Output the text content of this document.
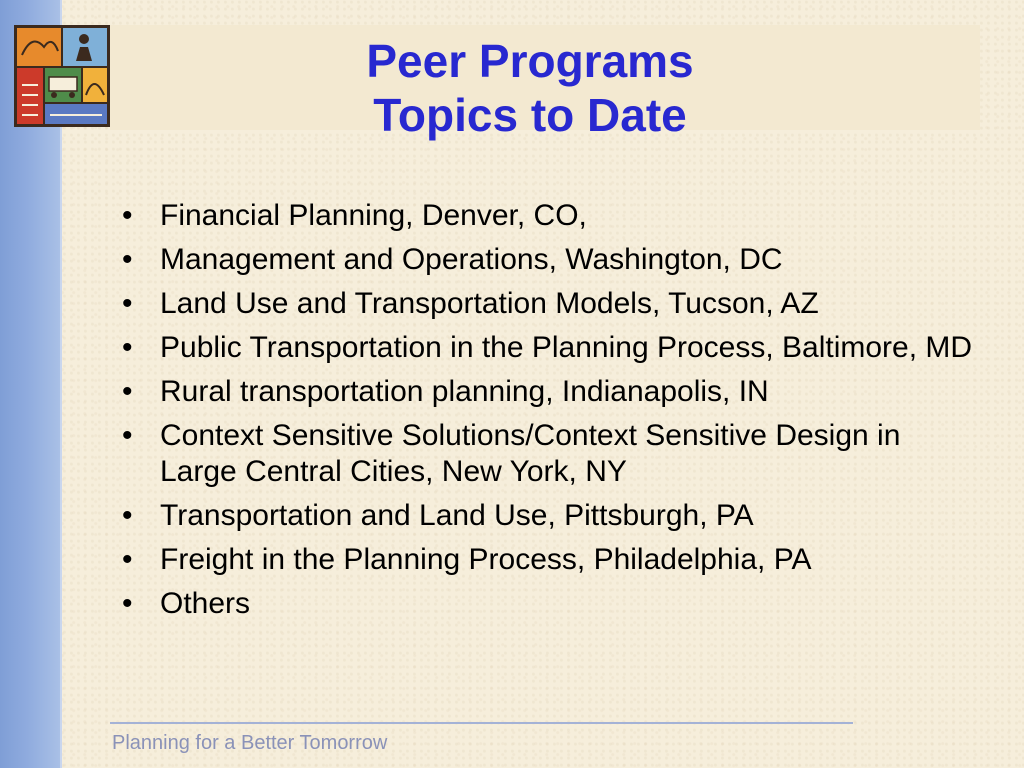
Peer Programs
Topics to Date
• Financial Planning, Denver, CO,
• Management and Operations, Washington, DC
• Land Use and Transportation Models, Tucson, AZ
• Public Transportation in the Planning Process, Baltimore, MD
• Rural transportation planning, Indianapolis, IN
• Context Sensitive Solutions/Context Sensitive Design in Large Central Cities, New York, NY
• Transportation and Land Use, Pittsburgh, PA
• Freight in the Planning Process, Philadelphia, PA
• Others
Planning for a Better Tomorrow
